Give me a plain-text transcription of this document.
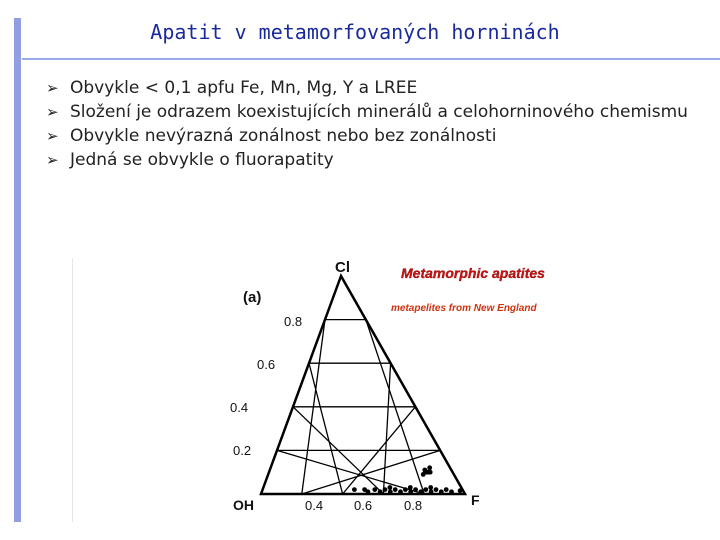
Apatit v metamorfovaných horninách
➢ Obvykle < 0,1 apfu Fe, Mn, Mg, Y a LREE
➢ Složení je odrazem koexistujících minerálů a celohorninového chemismu
➢ Obvykle nevýrazná zonálnost nebo bez zonálnosti
➢ Jedná se obvykle o fluorapatity
(a)
Cl
OH	F
0.8
0.6
0.4
0.2
0.4 0.6 0.8
Metamorphic apatites
metapelites from New England
